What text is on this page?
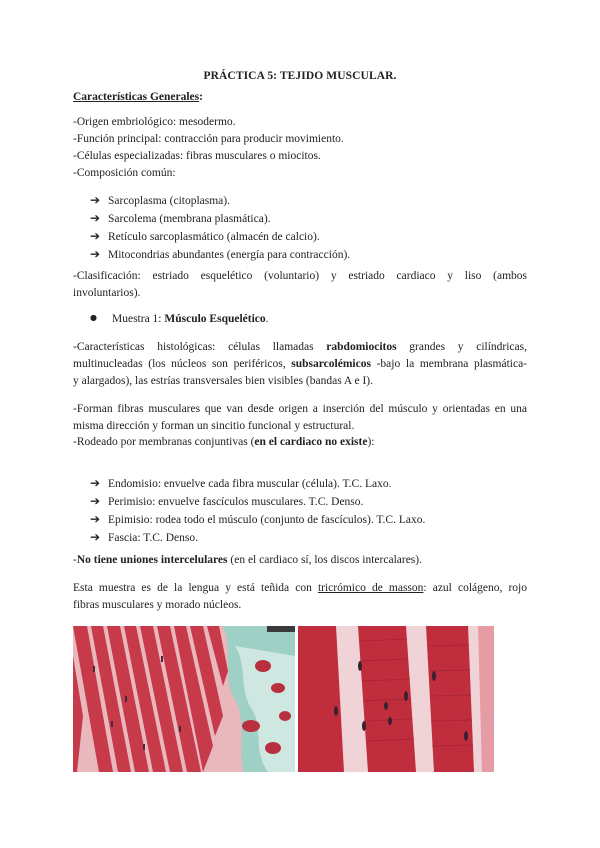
PRÁCTICA 5: TEJIDO MUSCULAR.
Características Generales:
-Origen embriológico: mesodermo.
-Función principal: contracción para producir movimiento.
-Células especializadas: fibras musculares o miocitos.
-Composición común:
➔ Sarcoplasma (citoplasma).
➔ Sarcolema (membrana plasmática).
➔ Retículo sarcoplasmático (almacén de calcio).
➔ Mitocondrias abundantes (energía para contracción).
-Clasificación: estriado esquelético (voluntario) y estriado cardiaco y liso (ambos
involuntarios).
● Muestra 1: Músculo Esquelético.
-Características histológicas: células llamadas rabdomiocitos grandes y cilíndricas,
multinucleadas (los núcleos son periféricos, subsarcolémicos -bajo la membrana plasmática-
y alargados), las estrías transversales bien visibles (bandas A e I).
-Forman fibras musculares que van desde origen a inserción del músculo y orientadas en una
misma dirección y forman un sincitio funcional y estructural.
-Rodeado por membranas conjuntivas (en el cardiaco no existe):
➔ Endomisio: envuelve cada fibra muscular (célula). T.C. Laxo.
➔ Perimisio: envuelve fascículos musculares. T.C. Denso.
➔ Epimisio: rodea todo el músculo (conjunto de fascículos). T.C. Laxo.
➔ Fascia: T.C. Denso.
-No tiene uniones intercelulares (en el cardiaco sí, los discos intercalares).
Esta muestra es de la lengua y está teñida con tricrómico de masson: azul colágeno, rojo
fibras musculares y morado núcleos.
